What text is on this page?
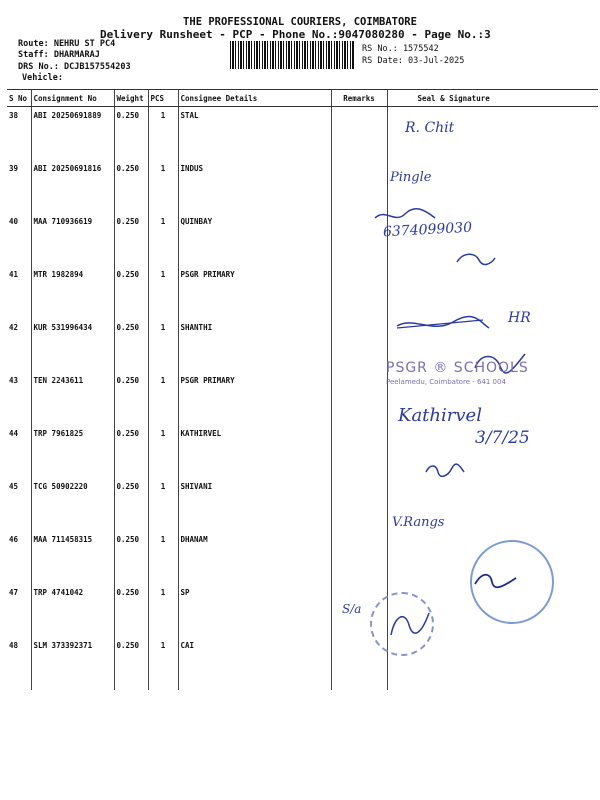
THE PROFESSIONAL COURIERS, COIMBATORE
Delivery Runsheet - PCP - Phone No.:9047080280 - Page No.:3
Route: NEHRU ST PC4
Staff: DHARMARAJ
DRS No.: DCJB157554203
Vehicle:
RS No.: 1575542
RS Date: 03-Jul-2025
S No	Consignment No	Weight	PCS	Consignee Details	Remarks	Seal & Signature
38	ABI 20250691889	0.250	1	STAL		
39	ABI 20250691816	0.250	1	INDUS		
40	MAA 710936619	0.250	1	QUINBAY		
41	MTR 1982894	0.250	1	PSGR PRIMARY		
42	KUR 531996434	0.250	1	SHANTHI		
43	TEN 2243611	0.250	1	PSGR PRIMARY		
44	TRP 7961825	0.250	1	KATHIRVEL		
45	TCG 50902220	0.250	1	SHIVANI		
46	MAA 711458315	0.250	1	DHANAM		
47	TRP 4741042	0.250	1	SP		
48	SLM 373392371	0.250	1	CAI		
R. Chit
Pingle
6374099030
HR
PSGR ® SCHOOLS
Peelamedu, Coimbatore - 641 004
Kathirvel
3/7/25
V.Rangs
S/a
